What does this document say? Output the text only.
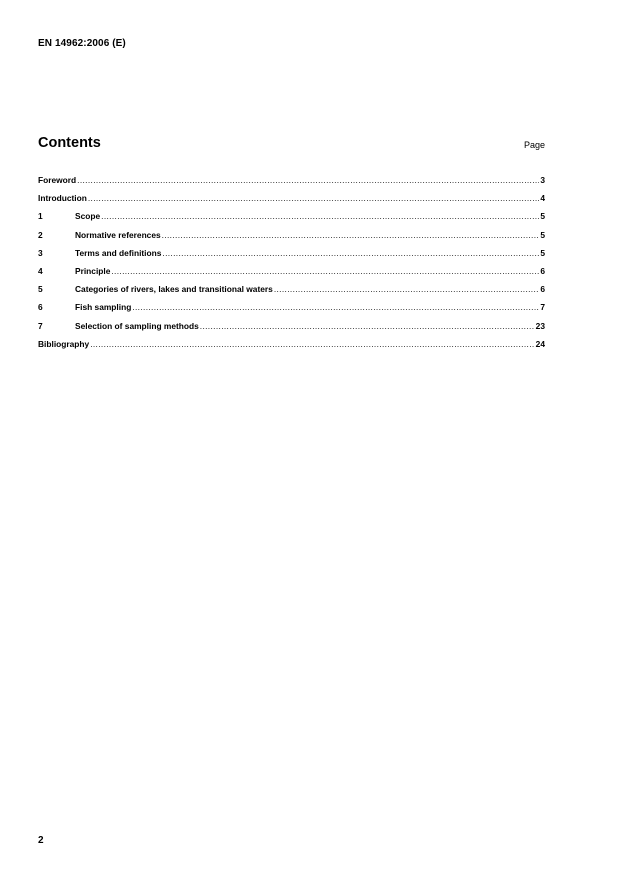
EN 14962:2006 (E)
Contents	Page
Foreword .....	3
Introduction .....	4
1	Scope .....	5
2	Normative references .....	5
3	Terms and definitions .....	5
4	Principle .....	6
5	Categories of rivers, lakes and transitional waters .....	6
6	Fish sampling .....	7
7	Selection of sampling methods .....	23
Bibliography .....	24
2
